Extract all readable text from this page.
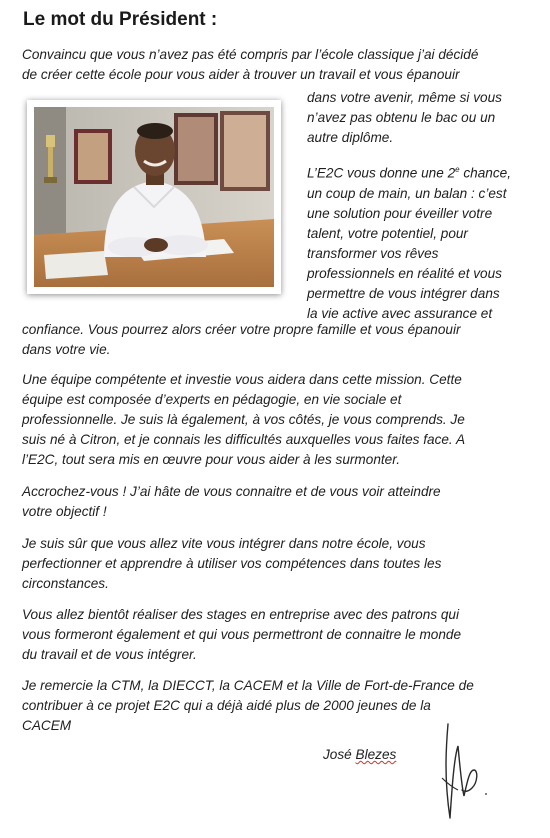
Le mot du Président :

Convaincu que vous n’avez pas été compris par l’école classique j’ai décidé
de créer cette école pour vous aider à trouver un travail et vous épanouir

dans votre avenir, même si vous
n’avez pas obtenu le bac ou un
autre diplôme.

L’E2C vous donne une 2e chance,
un coup de main, un balan : c’est
une solution pour éveiller votre
talent, votre potentiel, pour
transformer vos rêves
professionnels en réalité et vous
permettre de vous intégrer dans
la vie active avec assurance et

confiance. Vous pourrez alors créer votre propre famille et vous épanouir
dans votre vie.

Une équipe compétente et investie vous aidera dans cette mission. Cette
équipe est composée d’experts en pédagogie, en vie sociale et
professionnelle. Je suis là également, à vos côtés, je vous comprends. Je
suis né à Citron, et je connais les difficultés auxquelles vous faites face. A
l’E2C, tout sera mis en œuvre pour vous aider à les surmonter.

Accrochez-vous ! J’ai hâte de vous connaitre et de vous voir atteindre
votre objectif !

Je suis sûr que vous allez vite vous intégrer dans notre école, vous
perfectionner et apprendre à utiliser vos compétences dans toutes les
circonstances.

Vous allez bientôt réaliser des stages en entreprise avec des patrons qui
vous formeront également et qui vous permettront de connaitre le monde
du travail et de vous intégrer.

Je remercie la CTM, la DIECCT, la CACEM et la Ville de Fort-de-France de
contribuer à ce projet E2C qui a déjà aidé plus de 2000 jeunes de la
CACEM

José Blezes
